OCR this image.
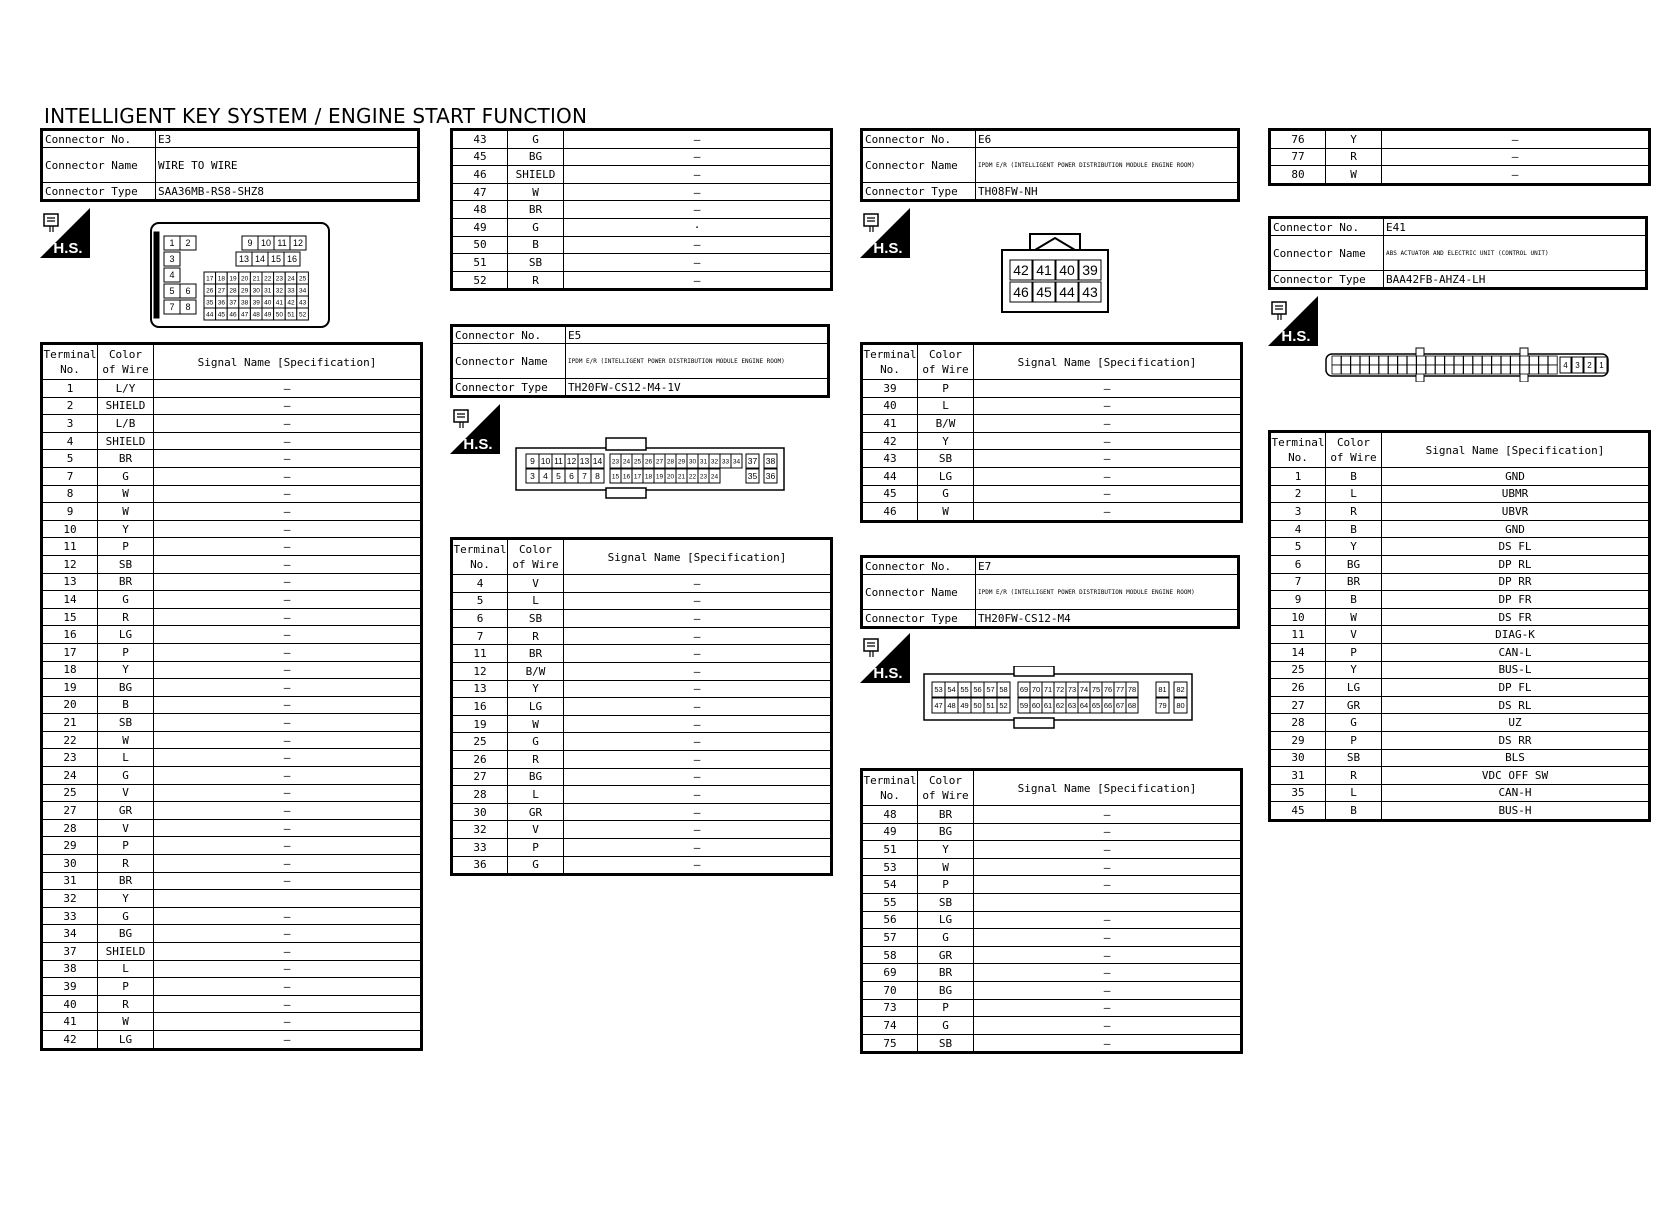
INTELLIGENT KEY SYSTEM / ENGINE START FUNCTION
Connector No.	E3
Connector Name	WIRE TO WIRE
Connector Type	SAA36MB-RS8-SHZ8
H.S.	1 2
3
4
5 6
7 8
9 10 11 12
13 14 15 16
17 18 19 20 21 22 23 24 25
26 27 28 29 30 31 32 33 34
35 36 37 38 39 40 41 42 43
44 45 46 47 48 49 50 51 52
Terminal
No.	Color
of Wire	Signal Name [Specification]
1	L/Y	–
2	SHIELD	–
3	L/B	–
4	SHIELD	–
5	BR	–
7	G	–
8	W	–
9	W	–
10	Y	–
11	P	–
12	SB	–
13	BR	–
14	G	–
15	R	–
16	LG	–
17	P	–
18	Y	–
19	BG	–
20	B	–
21	SB	–
22	W	–
23	L	–
24	G	–
25	V	–
27	GR	–
28	V	–
29	P	–
30	R	–
31	BR	–
32	Y	
33	G	–
34	BG	–
37	SHIELD	–
38	L	–
39	P	–
40	R	–
41	W	–
42	LG	–
43	G	–
45	BG	–
46	SHIELD	–
47	W	–
48	BR	–
49	G	·
50	B	–
51	SB	–
52	R	–
Connector No.	E5
Connector Name	IPDM E/R (INTELLIGENT POWER DISTRIBUTION MODULE ENGINE ROOM)
Connector Type	TH20FW-CS12-M4-1V
H.S.
9 10 11 12 13 14 23 24 25 26 27 28 29 30 31 32 33 34 37 38
3 4 5 6 7 8 15 16 17 18 19 20 21 22 23 24	35 36
Terminal
No.	Color
of Wire	Signal Name [Specification]
4	V	–
5	L	–
6	SB	–
7	R	–
11	BR	–
12	B/W	–
13	Y	–
16	LG	–
19	W	–
25	G	–
26	R	–
27	BG	–
28	L	–
30	GR	–
32	V	–
33	P	–
36	G	–
Connector No.	E6
Connector Name	IPDM E/R (INTELLIGENT POWER DISTRIBUTION MODULE ENGINE ROOM)
Connector Type	TH08FW-NH
H.S.
42
46
41
45
40
44
39
43
Terminal
No.	Color
of Wire	Signal Name [Specification]
39	P	–
40	L	–
41	B/W	–
42	Y	–
43	SB	–
44	LG	–
45	G	–
46	W	–
Connector No.	E7
Connector Name	IPDM E/R (INTELLIGENT POWER DISTRIBUTION MODULE ENGINE ROOM)
Connector Type	TH20FW-CS12-M4
H.S.
53
47
54
48
55
49
56
50
57
51
58
52
69
59
70
60
71
61
72
62
73
63
74
64
75
65
76
66
77
67
78
68
81
79
82
80
Terminal
No.	Color
of Wire	Signal Name [Specification]
48	BR	–
49	BG	–
51	Y	–
53	W	–
54	P	–
55	SB	
56	LG	–
57	G	–
58	GR	–
69	BR	–
70	BG	–
73	P	–
74	G	–
75	SB	–
76	Y	–
77	R	–
80	W	–
Connector No.	E41
Connector Name	ABS ACTUATOR AND ELECTRIC UNIT (CONTROL UNIT)
Connector Type	BAA42FB-AHZ4-LH
H.S.
4 3 2 1
Terminal
No.	Color
of Wire	Signal Name [Specification]
1	B	GND
2	L	UBMR
3	R	UBVR
4	B	GND
5	Y	DS FL
6	BG	DP RL
7	BR	DP RR
9	B	DP FR
10	W	DS FR
11	V	DIAG-K
14	P	CAN-L
25	Y	BUS-L
26	LG	DP FL
27	GR	DS RL
28	G	UZ
29	P	DS RR
30	SB	BLS
31	R	VDC OFF SW
35	L	CAN-H
45	B	BUS-H
